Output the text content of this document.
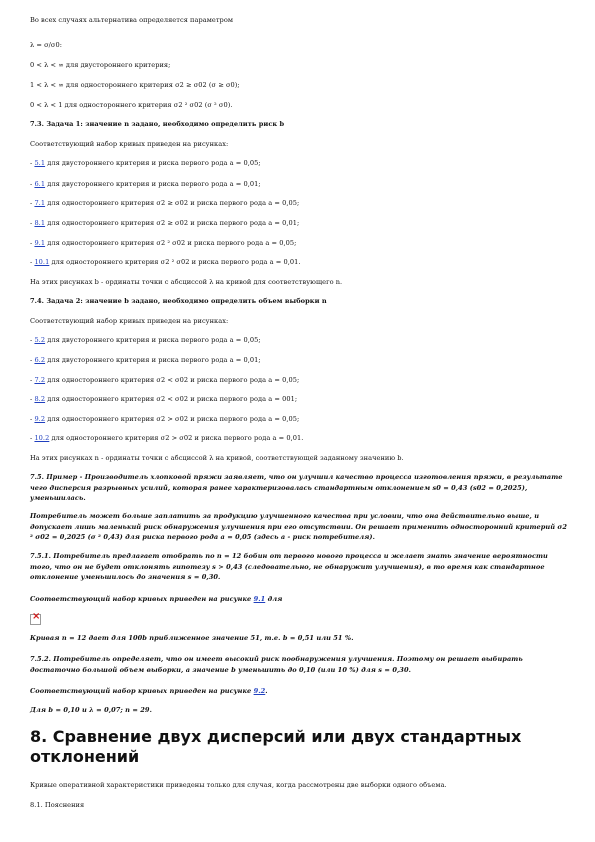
Во всех случаях альтернатива определяется параметром
λ = σ/σ0:
0 < λ < ∞ для двустороннего критерия;
1 < λ < ∞ для одностороннего критерия σ2 ≥ σ02 (σ ≥ σ0);
0 < λ < 1 для одностороннего критерия σ2 ² σ02 (σ ² σ0).
7.3. Задача 1: значение n задано, необходимо определить риск b
Соответствующий набор кривых приведен на рисунках:
- 5.1 для двустороннего критерия и риска первого рода a = 0,05;
- 6.1 для двустороннего критерия и риска первого рода a = 0,01;
- 7.1 для одностороннего критерия σ2 ≥ σ02 и риска первого рода a = 0,05;
- 8.1 для одностороннего критерия σ2 ≥ σ02 и риска первого рода a = 0,01;
- 9.1 для одностороннего критерия σ2 ² σ02 и риска первого рода a = 0,05;
- 10.1 для одностороннего критерия σ2 ² σ02 и риска первого рода a = 0,01.
На этих рисунках b - ординаты точки с абсциссой λ на кривой для соответствующего n.
7.4. Задача 2: значение b задано, необходимо определить объем выборки n
Соответствующий набор кривых приведен на рисунках:
- 5.2 для двустороннего критерия и риска первого рода a = 0,05;
- 6.2 для двустороннего критерия и риска первого рода a = 0,01;
- 7.2 для одностороннего критерия σ2 < σ02 и риска первого рода a = 0,05;
- 8.2 для одностороннего критерия σ2 < σ02 и риска первого рода a = 001;
- 9.2 для одностороннего критерия σ2 > σ02 и риска первого рода a = 0,05;
- 10.2 для одностороннего критерия σ2 > σ02 и риска первого рода a = 0,01.
На этих рисунках n - ординаты точки с абсциссой λ на кривой, соответствующей заданному значению b.
7.5. Пример - Производитель хлопковой пряжи заявляет, что он улучшил качество процесса изготовления пряжи, в результате чего дисперсия разрывных усилий, которая ранее характеризовалась стандартным отклонением s0 = 0,43 (s02 = 0,2025), уменьшилась.
Потребитель может больше заплатить за продукцию улучшенного качества при условии, что она действительно выше, и допускает лишь маленький риск обнаружения улучшения при его отсутствии. Он решает применить односторонний критерий σ2 ² σ02 = 0,2025 (σ ² 0,43) для риска первого рода a = 0,05 (здесь a - риск потребителя).
7.5.1. Потребитель предлагает отобрать по n = 12 бобин от первого нового процесса и желает знать значение вероятности того, что он не будет отклонять гипотезу s > 0,43 (следовательно, не обнаружит улучшения), в то время как стандартное отклонение уменьшилось до значения s = 0,30.
Соответствующий набор кривых приведен на рисунке 9.1 для
×
Кривая n = 12 дает для 100b приближенное значение 51, т.е. b = 0,51 или 51 %.
7.5.2. Потребитель определяет, что он имеет высокий риск пообнаружения улучшения. Поэтому он решает выбирать достаточно большой объем выборки, а значение b уменьшить до 0,10 (или 10 %) для s = 0,30.
Соответствующий набор кривых приведен на рисунке 9.2.
Для b = 0,10 и λ = 0,07; n = 29.
8. Сравнение двух дисперсий или двух стандартных отклонений
Кривые оперативной характеристики приведены только для случая, когда рассмотрены две выборки одного объема.
8.1. Пояснения
